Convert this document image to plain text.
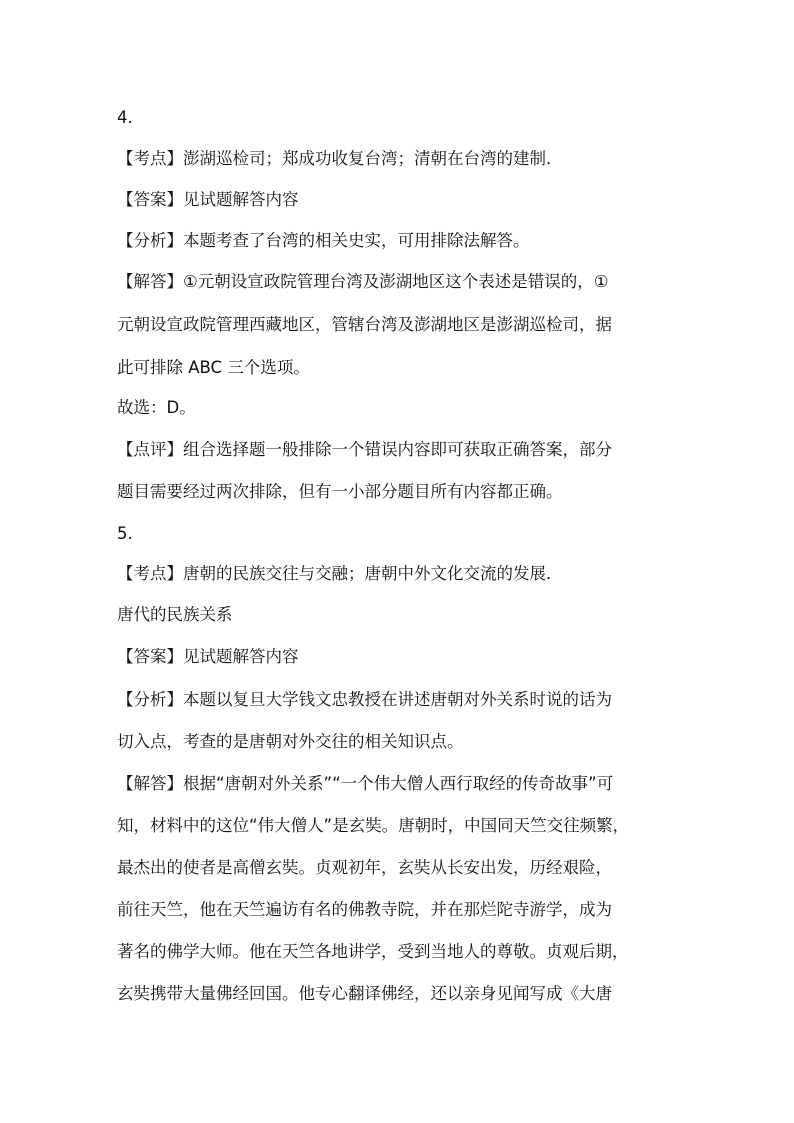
4.
【考点】澎湖巡检司；郑成功收复台湾；清朝在台湾的建制．
【答案】见试题解答内容
【分析】本题考查了台湾的相关史实，可用排除法解答。
【解答】①元朝设宣政院管理台湾及澎湖地区这个表述是错误的，①
元朝设宣政院管理西藏地区，管辖台湾及澎湖地区是澎湖巡检司，据
此可排除 ABC 三个选项。
故选：D。
【点评】组合选择题一般排除一个错误内容即可获取正确答案，部分
题目需要经过两次排除，但有一小部分题目所有内容都正确。
5.
【考点】唐朝的民族交往与交融；唐朝中外文化交流的发展．
唐代的民族关系
【答案】见试题解答内容
【分析】本题以复旦大学钱文忠教授在讲述唐朝对外关系时说的话为
切入点，考查的是唐朝对外交往的相关知识点。
【解答】根据“唐朝对外关系”“一个伟大僧人西行取经的传奇故事”可
知，材料中的这位“伟大僧人”是玄奘。唐朝时，中国同天竺交往频繁，
最杰出的使者是高僧玄奘。贞观初年，玄奘从长安出发，历经艰险，
前往天竺，他在天竺遍访有名的佛教寺院，并在那烂陀寺游学，成为
著名的佛学大师。他在天竺各地讲学，受到当地人的尊敬。贞观后期，
玄奘携带大量佛经回国。他专心翻译佛经，还以亲身见闻写成《大唐
